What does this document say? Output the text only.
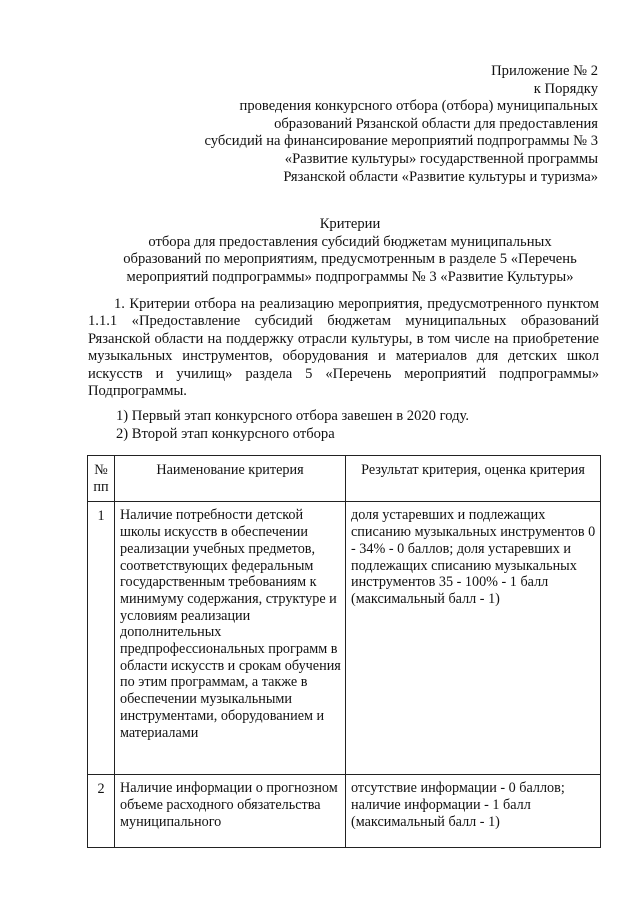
Приложение № 2
к Порядку
проведения конкурсного отбора (отбора) муниципальных
образований Рязанской области для предоставления
субсидий на финансирование мероприятий подпрограммы № 3
«Развитие культуры» государственной программы
Рязанской области «Развитие культуры и туризма»
Критерии
отбора для предоставления субсидий бюджетам муниципальных
образований по мероприятиям, предусмотренным в разделе 5 «Перечень
мероприятий подпрограммы» подпрограммы № 3 «Развитие Культуры»
1. Критерии отбора на реализацию мероприятия, предусмотренного пунктом 1.1.1 «Предоставление субсидий бюджетам муниципальных образований Рязанской области на поддержку отрасли культуры, в том числе на приобретение музыкальных инструментов, оборудования и материалов для детских школ искусств и училищ» раздела 5 «Перечень мероприятий подпрограммы» Подпрограммы.
1) Первый этап конкурсного отбора завешен в 2020 году.
2) Второй этап конкурсного отбора
№ пп	Наименование критерия	Результат критерия, оценка критерия
1	Наличие потребности детской школы искусств в обеспечении реализации учебных предметов, соответствующих федеральным государственным требованиям к минимуму содержания, структуре и условиям реализации дополнительных предпрофессиональных программ в области искусств и срокам обучения по этим программам, а также в обеспечении музыкальными инструментами, оборудованием и материалами	доля устаревших и подлежащих списанию музыкальных инструментов 0 - 34% - 0 баллов; доля устаревших и подлежащих списанию музыкальных инструментов 35 - 100% - 1 балл (максимальный балл - 1)
2	Наличие информации о прогнозном объеме расходного обязательства муниципального	отсутствие информации - 0 баллов; наличие информации - 1 балл (максимальный балл - 1)
